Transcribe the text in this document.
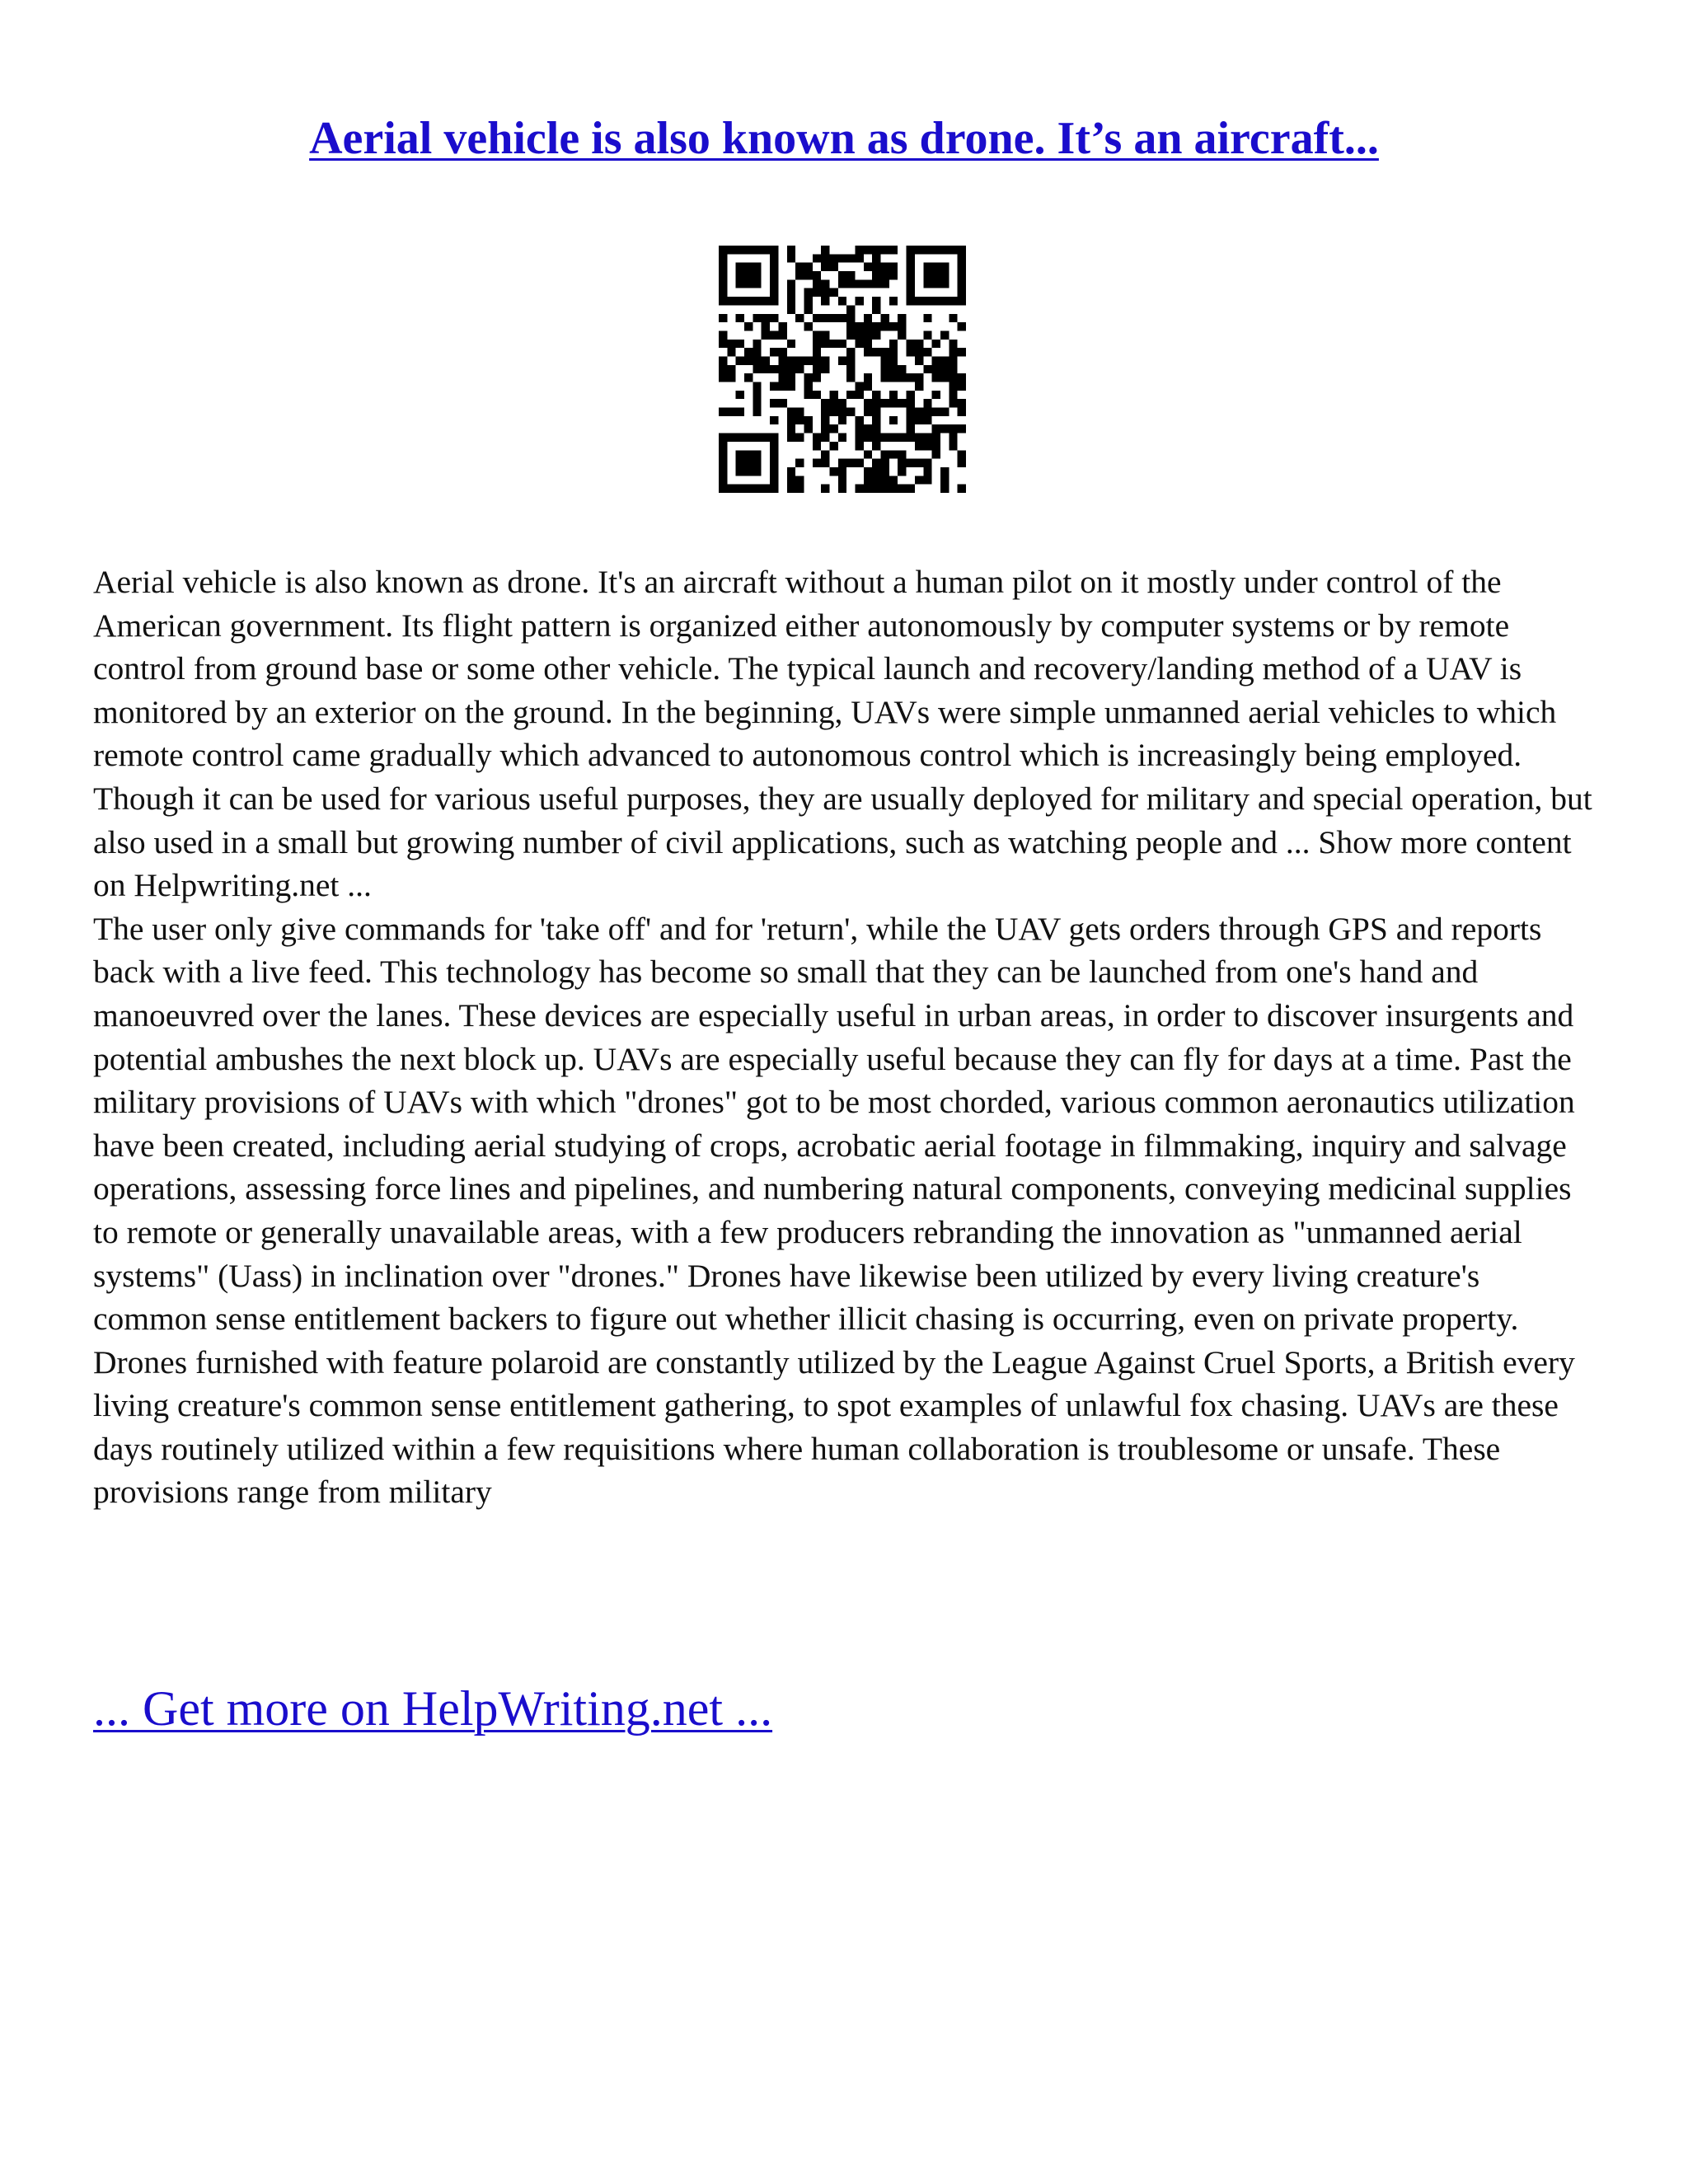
Aerial vehicle is also known as drone. It’s an aircraft...

Aerial vehicle is also known as drone. It's an aircraft without a human pilot on it mostly under control of the American government. Its flight pattern is organized either autonomously by computer systems or by remote control from ground base or some other vehicle. The typical launch and recovery/landing method of a UAV is monitored by an exterior on the ground. In the beginning, UAVs were simple unmanned aerial vehicles to which remote control came gradually which advanced to autonomous control which is increasingly being employed. Though it can be used for various useful purposes, they are usually deployed for military and special operation, but also used in a small but growing number of civil applications, such as watching people and ... Show more content on Helpwriting.net ...

The user only give commands for 'take off' and for 'return', while the UAV gets orders through GPS and reports back with a live feed. This technology has become so small that they can be launched from one's hand and manoeuvred over the lanes. These devices are especially useful in urban areas, in order to discover insurgents and potential ambushes the next block up. UAVs are especially useful because they can fly for days at a time. Past the military provisions of UAVs with which "drones" got to be most chorded, various common aeronautics utilization have been created, including aerial studying of crops, acrobatic aerial footage in filmmaking, inquiry and salvage operations, assessing force lines and pipelines, and numbering natural components, conveying medicinal supplies to remote or generally unavailable areas, with a few producers rebranding the innovation as "unmanned aerial systems" (Uass) in inclination over "drones." Drones have likewise been utilized by every living creature's common sense entitlement backers to figure out whether illicit chasing is occurring, even on private property. Drones furnished with feature polaroid are constantly utilized by the League Against Cruel Sports, a British every living creature's common sense entitlement gathering, to spot examples of unlawful fox chasing. UAVs are these days routinely utilized within a few requisitions where human collaboration is troublesome or unsafe. These provisions range from military

... Get more on HelpWriting.net ...
